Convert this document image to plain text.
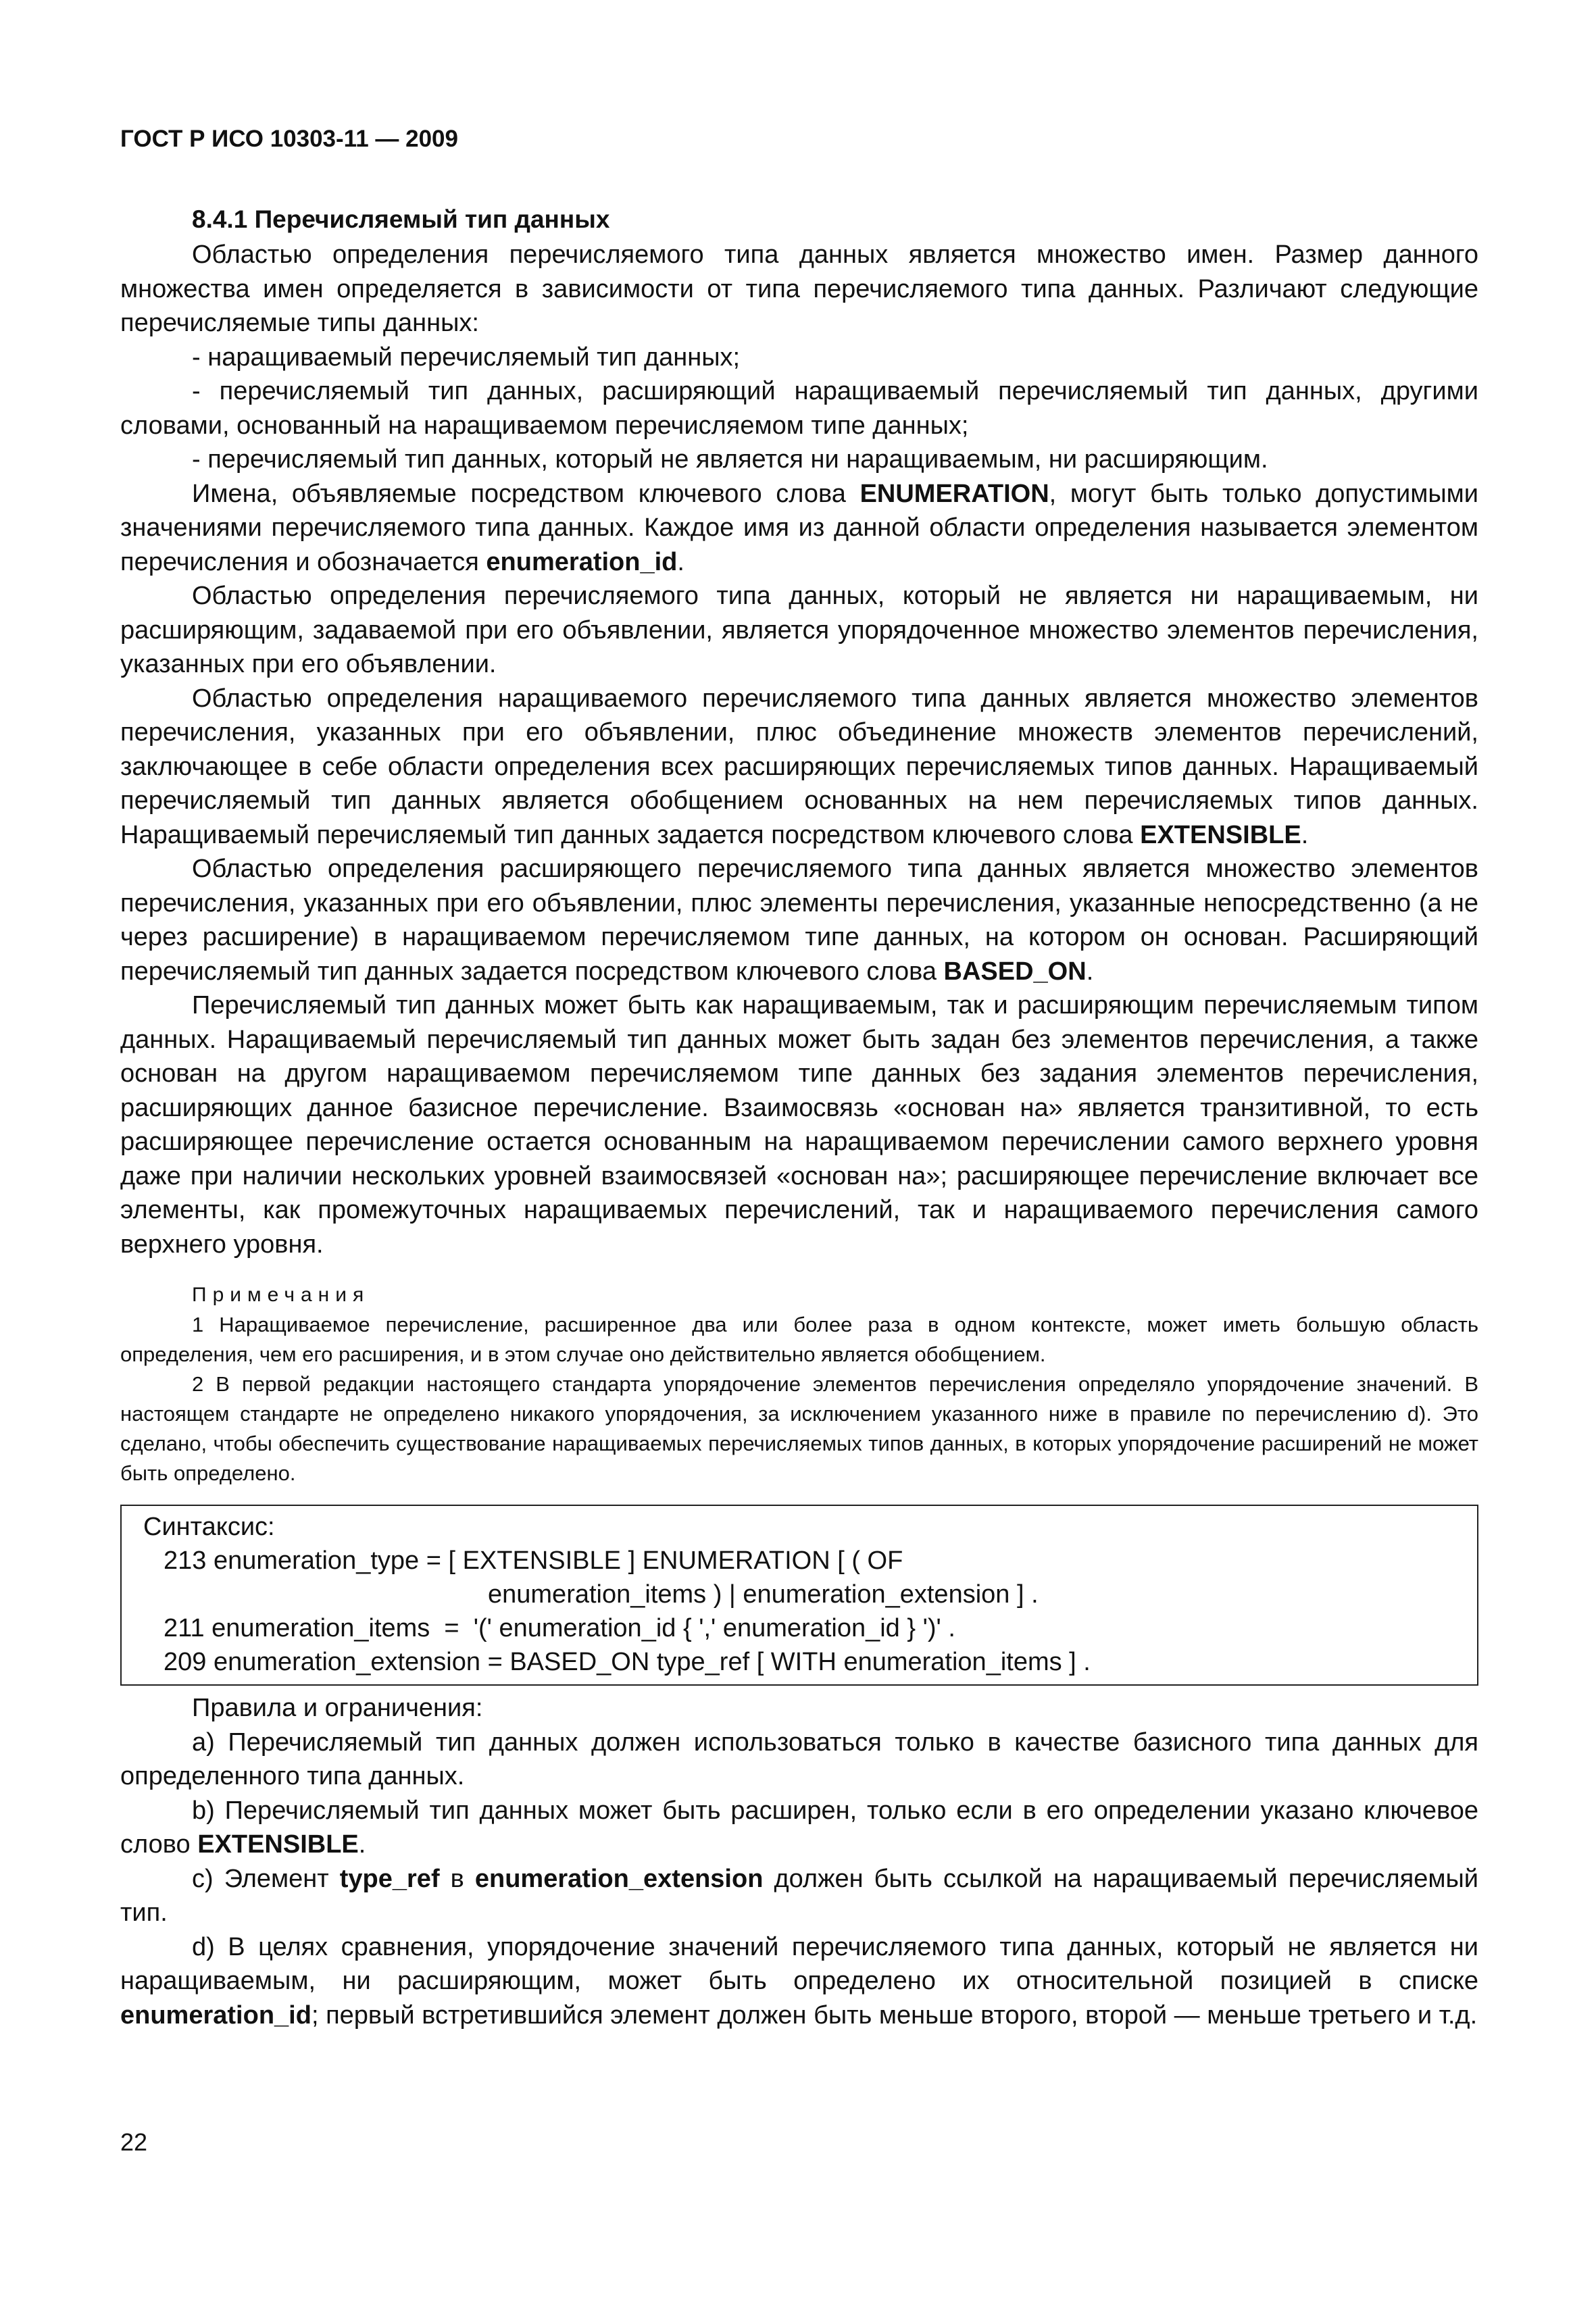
ГОСТ Р ИСО 10303-11 — 2009
8.4.1 Перечисляемый тип данных

Областью определения перечисляемого типа данных является множество имен. Размер данного множества имен определяется в зависимости от типа перечисляемого типа данных. Различают следующие перечисляемые типы данных:

- наращиваемый перечисляемый тип данных;

- перечисляемый тип данных, расширяющий наращиваемый перечисляемый тип данных, другими словами, основанный на наращиваемом перечисляемом типе данных;

- перечисляемый тип данных, который не является ни наращиваемым, ни расширяющим.

Имена, объявляемые посредством ключевого слова ENUMERATION, могут быть только допустимыми значениями перечисляемого типа данных. Каждое имя из данной области определения называется элементом перечисления и обозначается enumeration_id.

Областью определения перечисляемого типа данных, который не является ни наращиваемым, ни расширяющим, задаваемой при его объявлении, является упорядоченное множество элементов перечисления, указанных при его объявлении.

Областью определения наращиваемого перечисляемого типа данных является множество элементов перечисления, указанных при его объявлении, плюс объединение множеств элементов перечислений, заключающее в себе области определения всех расширяющих перечисляемых типов данных. Наращиваемый перечисляемый тип данных является обобщением основанных на нем перечисляемых типов данных. Наращиваемый перечисляемый тип данных задается посредством ключевого слова EXTENSIBLE.

Областью определения расширяющего перечисляемого типа данных является множество элементов перечисления, указанных при его объявлении, плюс элементы перечисления, указанные непосредственно (а не через расширение) в наращиваемом перечисляемом типе данных, на котором он основан. Расширяющий перечисляемый тип данных задается посредством ключевого слова BASED_ON.

Перечисляемый тип данных может быть как наращиваемым, так и расширяющим перечисляемым типом данных. Наращиваемый перечисляемый тип данных может быть задан без элементов перечисления, а также основан на другом наращиваемом перечисляемом типе данных без задания элементов перечисления, расширяющих данное базисное перечисление. Взаимосвязь «основан на» является транзитивной, то есть расширяющее перечисление остается основанным на наращиваемом перечислении самого верхнего уровня даже при наличии нескольких уровней взаимосвязей «основан на»; расширяющее перечисление включает все элементы, как промежуточных наращиваемых перечислений, так и наращиваемого перечисления самого верхнего уровня.

Примечания

1 Наращиваемое перечисление, расширенное два или более раза в одном контексте, может иметь большую область определения, чем его расширения, и в этом случае оно действительно является обобщением.

2 В первой редакции настоящего стандарта упорядочение элементов перечисления определяло упорядочение значений. В настоящем стандарте не определено никакого упорядочения, за исключением указанного ниже в правиле по перечислению d). Это сделано, чтобы обеспечить существование наращиваемых перечисляемых типов данных, в которых упорядочение расширений не может быть определено.

Синтаксис:
213 enumeration_type = [ EXTENSIBLE ] ENUMERATION [ ( OF
enumeration_items ) | enumeration_extension ] .
211 enumeration_items  =  '(' enumeration_id { ',' enumeration_id } ')' .
209 enumeration_extension = BASED_ON type_ref [ WITH enumeration_items ] .

Правила и ограничения:

a) Перечисляемый тип данных должен использоваться только в качестве базисного типа данных для определенного типа данных.

b) Перечисляемый тип данных может быть расширен, только если в его определении указано ключевое слово EXTENSIBLE.

c) Элемент type_ref в enumeration_extension должен быть ссылкой на наращиваемый перечисляемый тип.

d) В целях сравнения, упорядочение значений перечисляемого типа данных, который не является ни наращиваемым, ни расширяющим, может быть определено их относительной позицией в списке enumeration_id; первый встретившийся элемент должен быть меньше второго, второй — меньше третьего и т.д.

22
